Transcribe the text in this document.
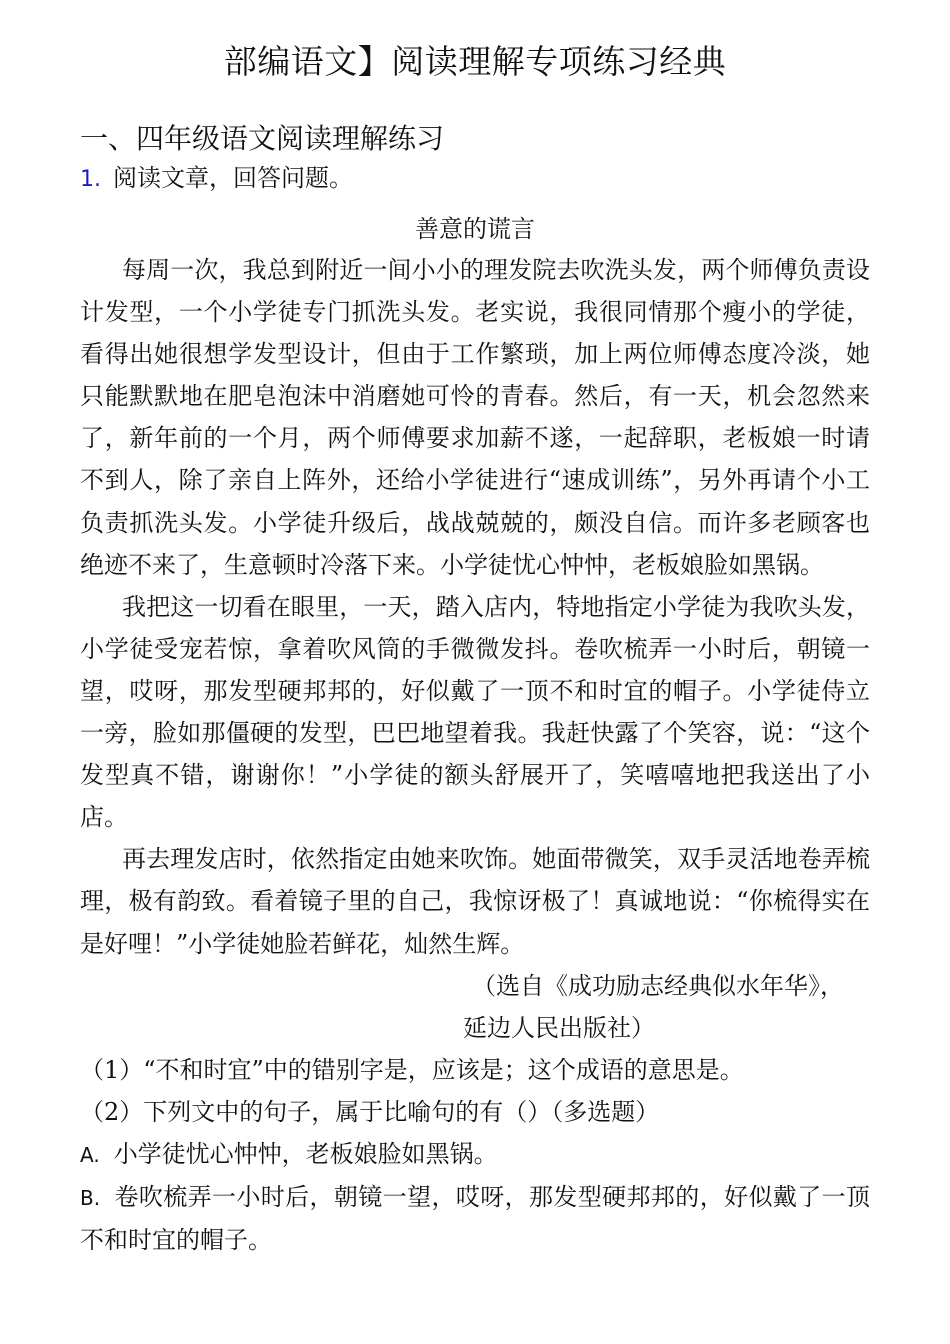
部编语文】阅读理解专项练习经典
一、四年级语文阅读理解练习
1. 阅读文章，回答问题。
善意的谎言

每周一次，我总到附近一间小小的理发院去吹洗头发，两个师傅负责设计发型，一个小学徒专门抓洗头发。老实说，我很同情那个瘦小的学徒，看得出她很想学发型设计，但由于工作繁琐，加上两位师傅态度冷淡，她只能默默地在肥皂泡沫中消磨她可怜的青春。然后，有一天，机会忽然来了，新年前的一个月，两个师傅要求加薪不遂，一起辞职，老板娘一时请不到人，除了亲自上阵外，还给小学徒进行“速成训练”，另外再请个小工负责抓洗头发。小学徒升级后，战战兢兢的，颇没自信。而许多老顾客也绝迹不来了，生意顿时冷落下来。小学徒忧心忡忡，老板娘脸如黑锅。

我把这一切看在眼里，一天，踏入店内，特地指定小学徒为我吹头发，小学徒受宠若惊，拿着吹风筒的手微微发抖。卷吹梳弄一小时后，朝镜一望，哎呀，那发型硬邦邦的，好似戴了一顶不和时宜的帽子。小学徒侍立一旁，脸如那僵硬的发型，巴巴地望着我。我赶快露了个笑容，说：“这个发型真不错，谢谢你！”小学徒的额头舒展开了，笑嘻嘻地把我送出了小店。

再去理发店时，依然指定由她来吹饰。她面带微笑，双手灵活地卷弄梳理，极有韵致。看着镜子里的自己，我惊讶极了！真诚地说：“你梳得实在是好哩！”小学徒她脸若鲜花，灿然生辉。

（选自《成功励志经典似水年华》，

延边人民出版社）

（1）“不和时宜”中的错别字是，应该是；这个成语的意思是。

（2）下列文中的句子，属于比喻句的有（）（多选题）

A. 小学徒忧心忡忡，老板娘脸如黑锅。

B. 卷吹梳弄一小时后，朝镜一望，哎呀，那发型硬邦邦的，好似戴了一顶不和时宜的帽子。
